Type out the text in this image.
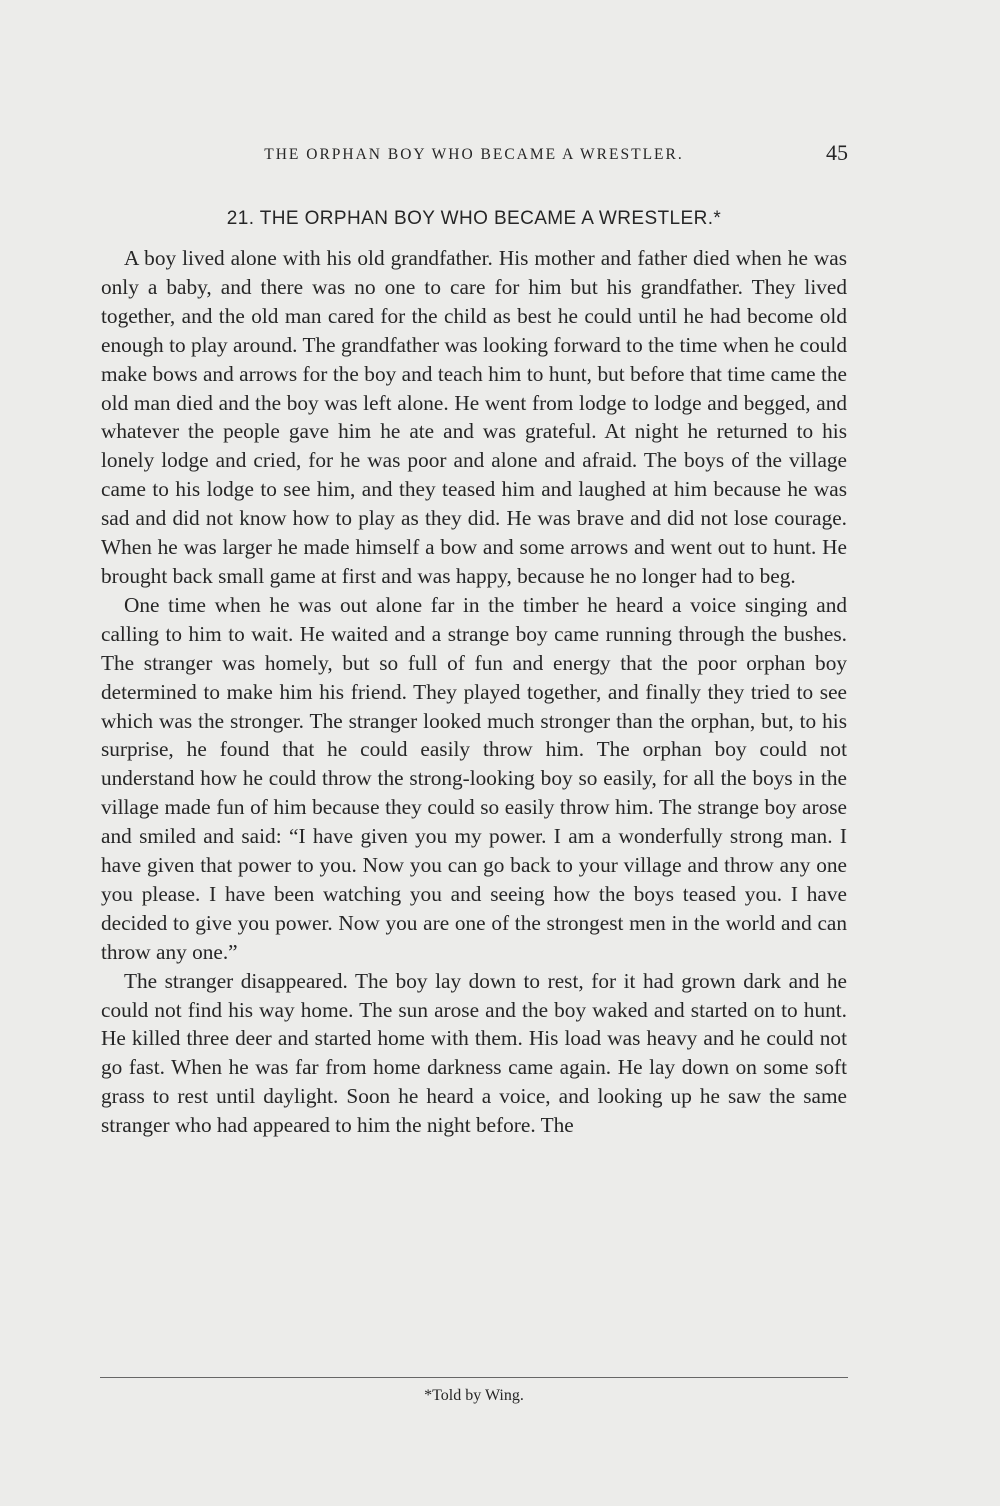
THE ORPHAN BOY WHO BECAME A WRESTLER.	45
21. THE ORPHAN BOY WHO BECAME A WRESTLER.*

A boy lived alone with his old grandfather. His mother and father died when he was only a baby, and there was no one to care for him but his grandfather. They lived together, and the old man cared for the child as best he could until he had become old enough to play around. The grandfather was looking forward to the time when he could make bows and arrows for the boy and teach him to hunt, but before that time came the old man died and the boy was left alone. He went from lodge to lodge and begged, and whatever the people gave him he ate and was grateful. At night he returned to his lonely lodge and cried, for he was poor and alone and afraid. The boys of the village came to his lodge to see him, and they teased him and laughed at him because he was sad and did not know how to play as they did. He was brave and did not lose courage. When he was larger he made himself a bow and some arrows and went out to hunt. He brought back small game at first and was happy, because he no longer had to beg.

One time when he was out alone far in the timber he heard a voice singing and calling to him to wait. He waited and a strange boy came running through the bushes. The stranger was homely, but so full of fun and energy that the poor orphan boy determined to make him his friend. They played together, and finally they tried to see which was the stronger. The stranger looked much stronger than the orphan, but, to his surprise, he found that he could easily throw him. The orphan boy could not understand how he could throw the strong-looking boy so easily, for all the boys in the village made fun of him because they could so easily throw him. The strange boy arose and smiled and said: “I have given you my power. I am a wonderfully strong man. I have given that power to you. Now you can go back to your village and throw any one you please. I have been watching you and seeing how the boys teased you. I have decided to give you power. Now you are one of the strongest men in the world and can throw any one.”

The stranger disappeared. The boy lay down to rest, for it had grown dark and he could not find his way home. The sun arose and the boy waked and started on to hunt. He killed three deer and started home with them. His load was heavy and he could not go fast. When he was far from home darkness came again. He lay down on some soft grass to rest until daylight. Soon he heard a voice, and looking up he saw the same stranger who had appeared to him the night before. The

*Told by Wing.
